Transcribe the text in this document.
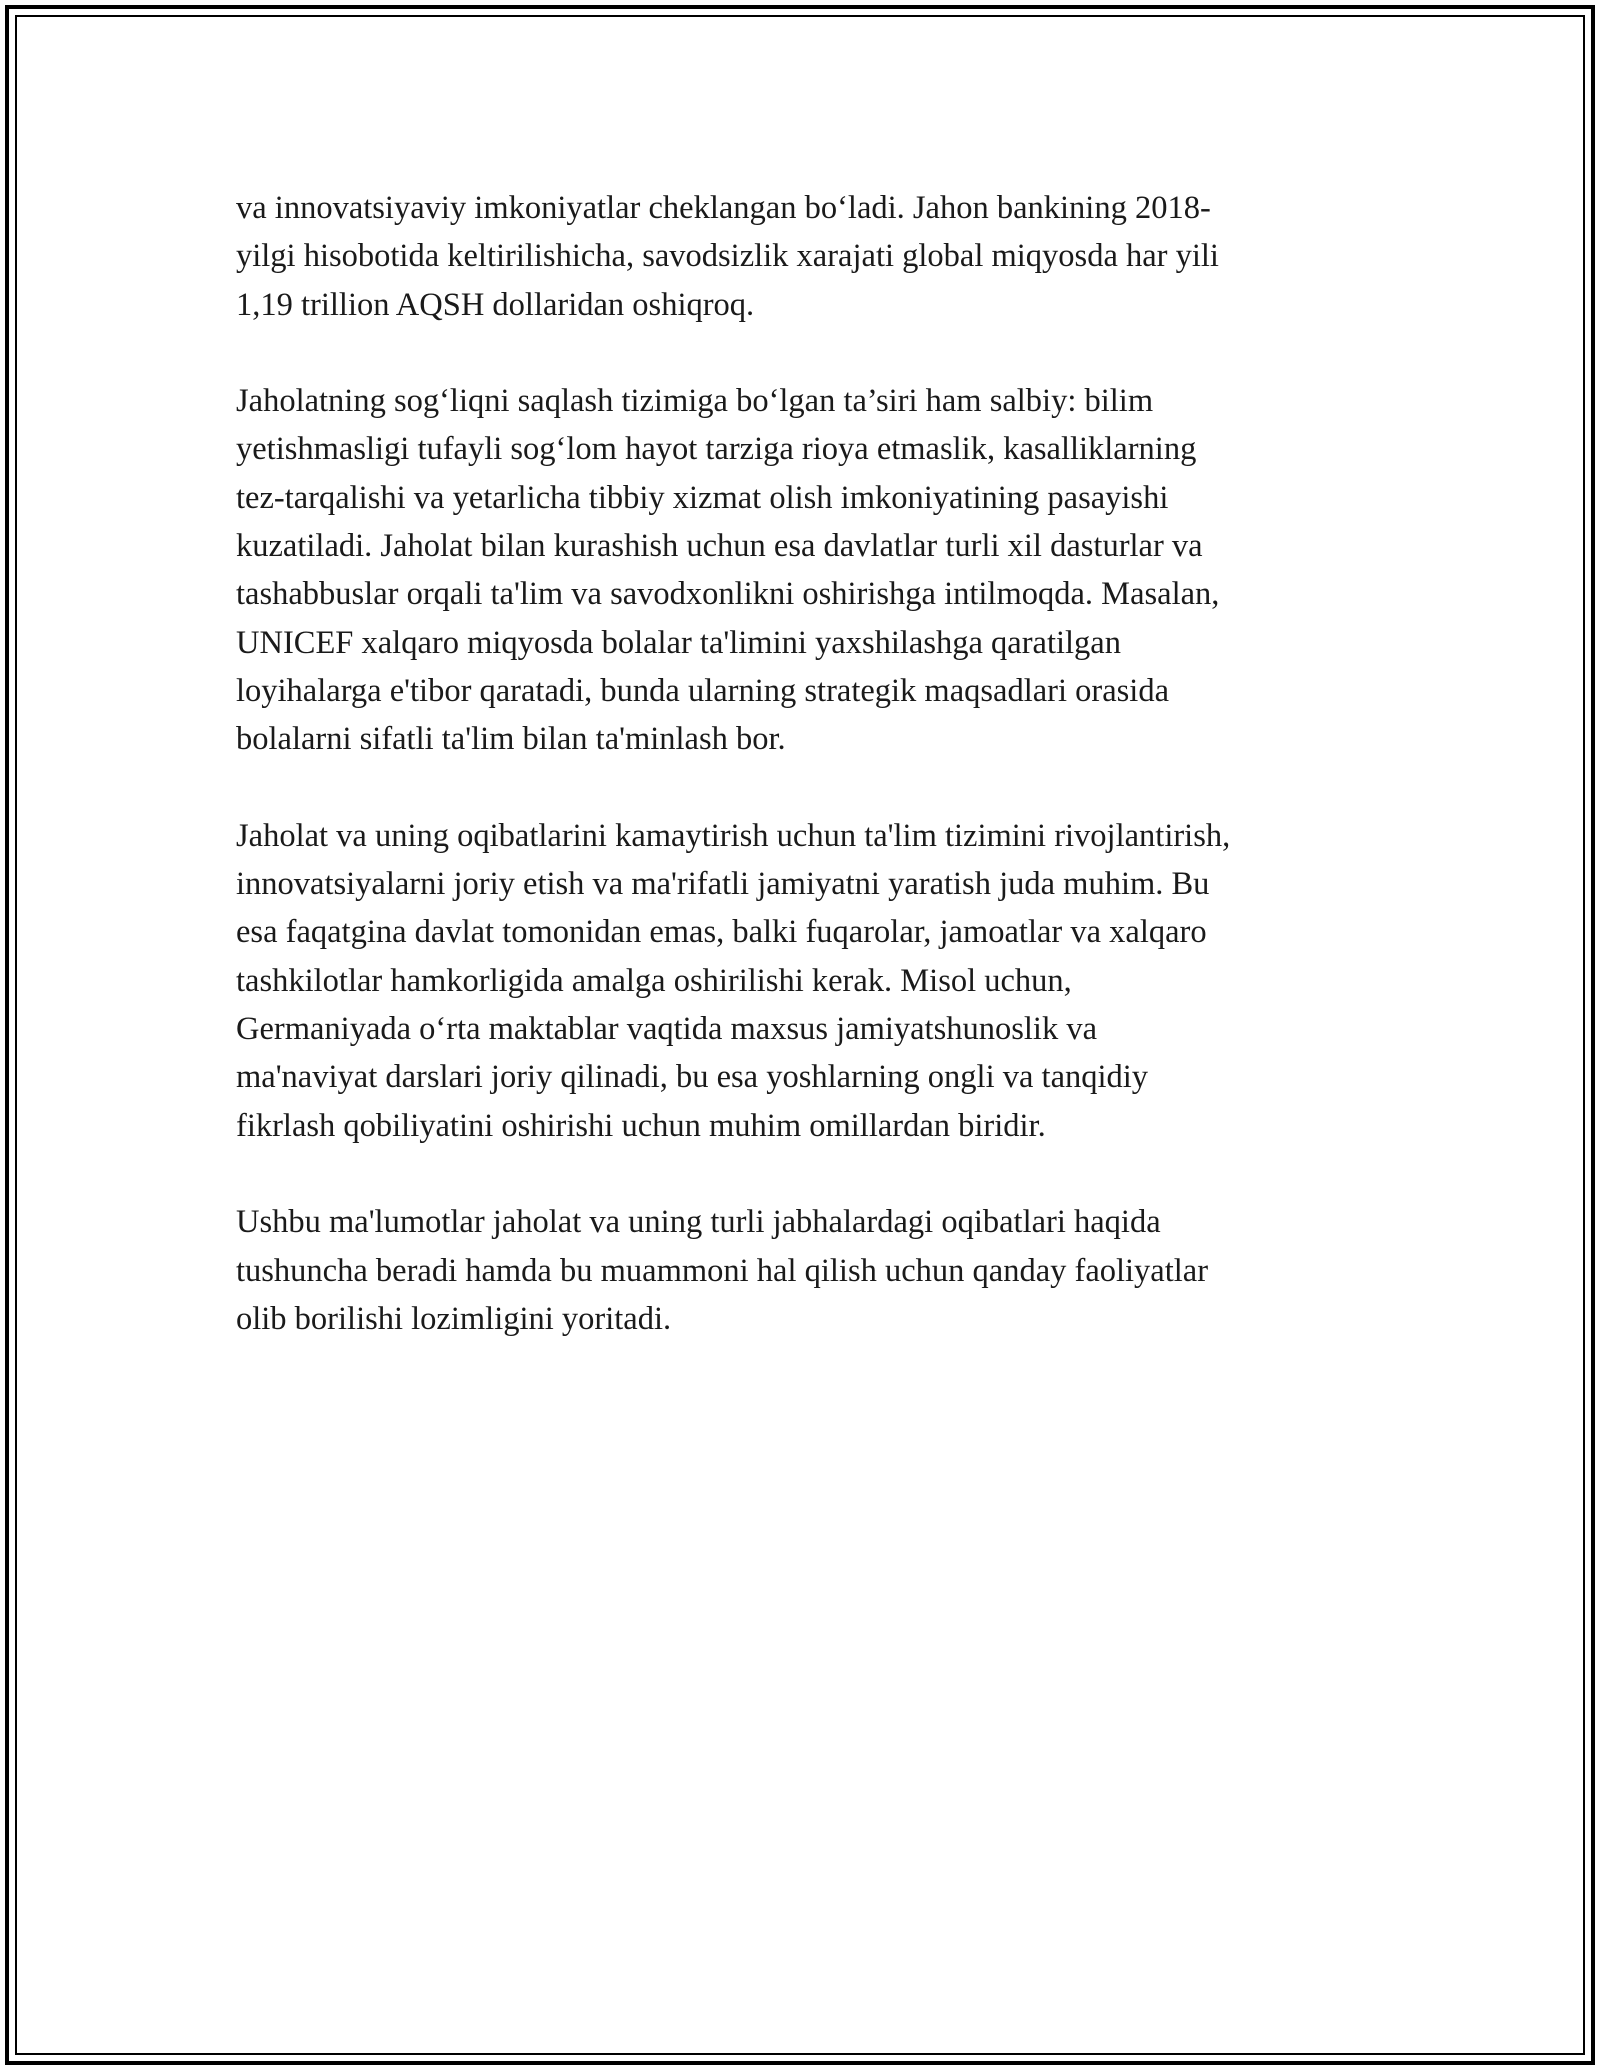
va innovatsiyaviy imkoniyatlar cheklangan bo‘ladi. Jahon bankining 2018-
yilgi hisobotida keltirilishicha, savodsizlik xarajati global miqyosda har yili
1,19 trillion AQSH dollaridan oshiqroq.

Jaholatning sog‘liqni saqlash tizimiga bo‘lgan ta’siri ham salbiy: bilim
yetishmasligi tufayli sog‘lom hayot tarziga rioya etmaslik, kasalliklarning
tez-tarqalishi va yetarlicha tibbiy xizmat olish imkoniyatining pasayishi
kuzatiladi. Jaholat bilan kurashish uchun esa davlatlar turli xil dasturlar va
tashabbuslar orqali ta'lim va savodxonlikni oshirishga intilmoqda. Masalan,
UNICEF xalqaro miqyosda bolalar ta'limini yaxshilashga qaratilgan
loyihalarga e'tibor qaratadi, bunda ularning strategik maqsadlari orasida
bolalarni sifatli ta'lim bilan ta'minlash bor.

Jaholat va uning oqibatlarini kamaytirish uchun ta'lim tizimini rivojlantirish,
innovatsiyalarni joriy etish va ma'rifatli jamiyatni yaratish juda muhim. Bu
esa faqatgina davlat tomonidan emas, balki fuqarolar, jamoatlar va xalqaro
tashkilotlar hamkorligida amalga oshirilishi kerak. Misol uchun,
Germaniyada o‘rta maktablar vaqtida maxsus jamiyatshunoslik va
ma'naviyat darslari joriy qilinadi, bu esa yoshlarning ongli va tanqidiy
fikrlash qobiliyatini oshirishi uchun muhim omillardan biridir.

Ushbu ma'lumotlar jaholat va uning turli jabhalardagi oqibatlari haqida
tushuncha beradi hamda bu muammoni hal qilish uchun qanday faoliyatlar
olib borilishi lozimligini yoritadi.
